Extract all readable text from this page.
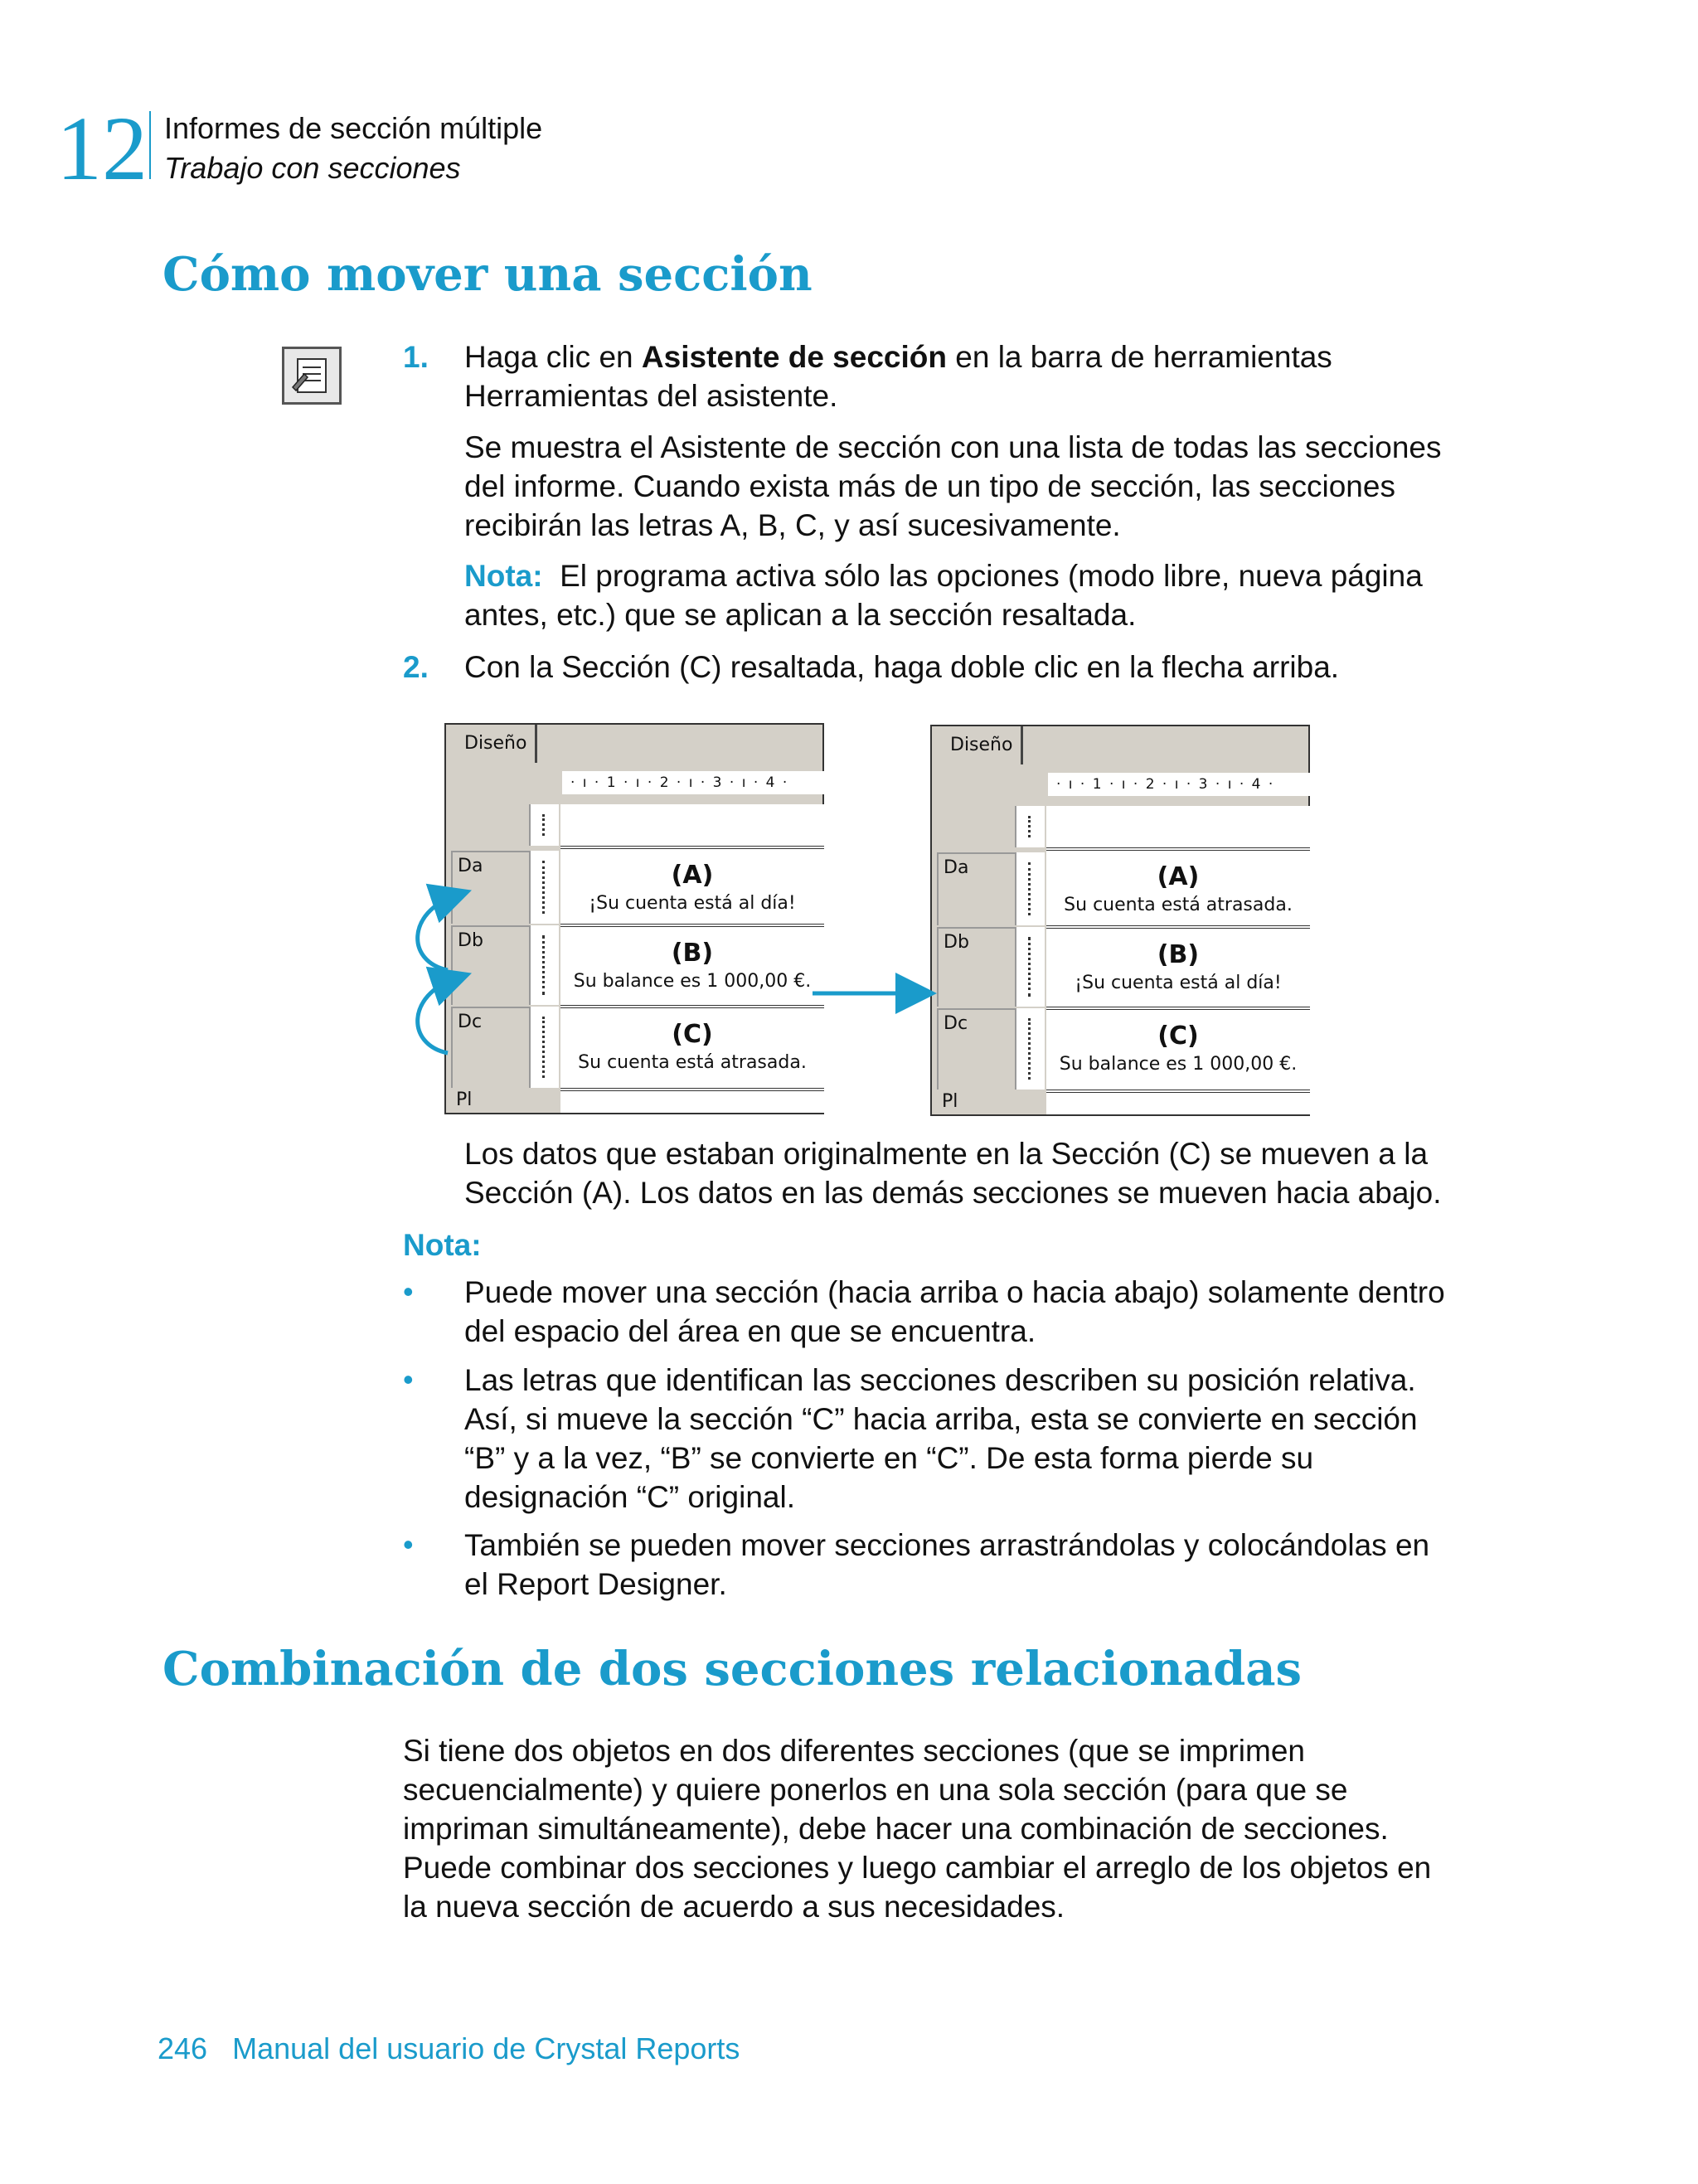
12 Informes de sección múltiple
Trabajo con secciones
Cómo mover una sección
1. Haga clic en Asistente de sección en la barra de herramientas
Herramientas del asistente.
Se muestra el Asistente de sección con una lista de todas las secciones
del informe. Cuando exista más de un tipo de sección, las secciones
recibirán las letras A, B, C, y así sucesivamente.
Nota: El programa activa sólo las opciones (modo libre, nueva página
antes, etc.) que se aplican a la sección resaltada.
2. Con la Sección (C) resaltada, haga doble clic en la flecha arriba.
Diseño
· ı · 1 · ı · 2 · ı · 3 · ı · 4 ·
Da	(A)
¡Su cuenta está al día!
Db	(B)
Su balance es 1 000,00 €.
Dc	(C)
Su cuenta está atrasada.
Pl
Diseño
· ı · 1 · ı · 2 · ı · 3 · ı · 4 ·
Da	(A)
Su cuenta está atrasada.
Db	(B)
¡Su cuenta está al día!
Dc	(C)
Su balance es 1 000,00 €.
Pl
Los datos que estaban originalmente en la Sección (C) se mueven a la
Sección (A). Los datos en las demás secciones se mueven hacia abajo.
Nota:
• Puede mover una sección (hacia arriba o hacia abajo) solamente dentro
del espacio del área en que se encuentra.
• Las letras que identifican las secciones describen su posición relativa.
Así, si mueve la sección “C” hacia arriba, esta se convierte en sección
“B” y a la vez, “B” se convierte en “C”. De esta forma pierde su
designación “C” original.
• También se pueden mover secciones arrastrándolas y colocándolas en
el Report Designer.
Combinación de dos secciones relacionadas
Si tiene dos objetos en dos diferentes secciones (que se imprimen
secuencialmente) y quiere ponerlos en una sola sección (para que se
impriman simultáneamente), debe hacer una combinación de secciones.
Puede combinar dos secciones y luego cambiar el arreglo de los objetos en
la nueva sección de acuerdo a sus necesidades.
246 Manual del usuario de Crystal Reports
